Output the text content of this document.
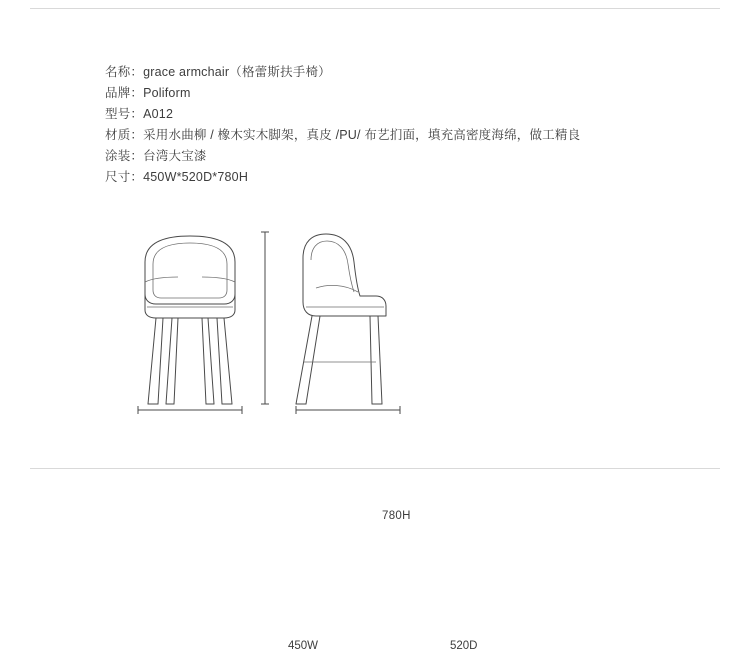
名称：grace armchair（格蕾斯扶手椅）
品牌：Poliform
型号：A012
材质：采用水曲柳 / 橡木实木脚架，真皮 /PU/ 布艺扪面，填充高密度海绵，做工精良
涂装：台湾大宝漆
尺寸：450W*520D*780H
780H
450W	520D
